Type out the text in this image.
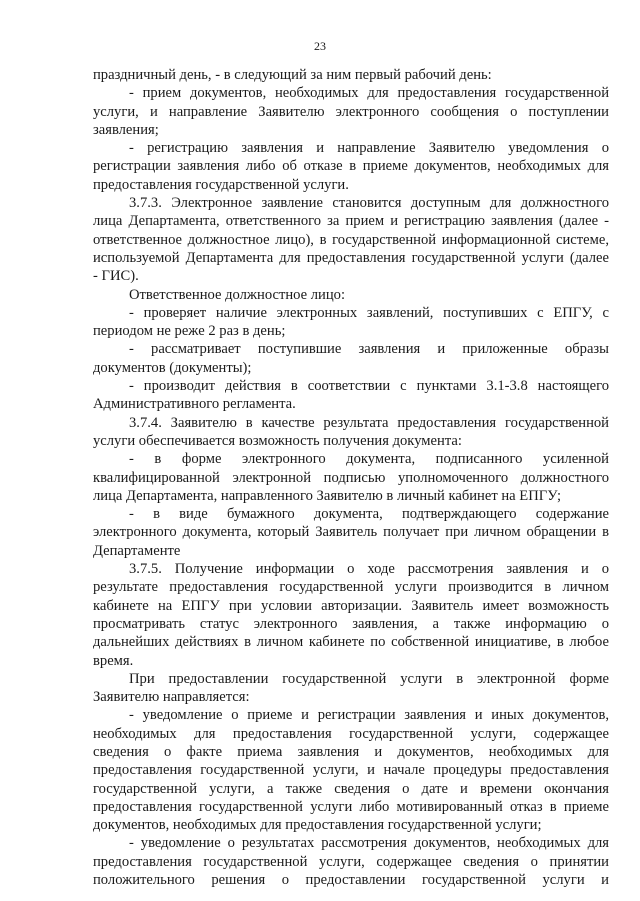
23
праздничный день, - в следующий за ним первый рабочий день:
- прием документов, необходимых для предоставления государственной
услуги, и направление Заявителю электронного сообщения о поступлении
заявления;
- регистрацию заявления и направление Заявителю уведомления о
регистрации заявления либо об отказе в приеме документов, необходимых для
предоставления государственной услуги.
3.7.3. Электронное заявление становится доступным для должностного
лица Департамента, ответственного за прием и регистрацию заявления (далее -
ответственное должностное лицо), в государственной информационной системе,
используемой Департамента для предоставления государственной услуги (далее
- ГИС).
Ответственное должностное лицо:
- проверяет наличие электронных заявлений, поступивших с ЕПГУ, с
периодом не реже 2 раз в день;
- рассматривает поступившие заявления и приложенные образы
документов (документы);
- производит действия в соответствии с пунктами 3.1-3.8 настоящего
Административного регламента.
3.7.4. Заявителю в качестве результата предоставления государственной
услуги обеспечивается возможность получения документа:
- в форме электронного документа, подписанного усиленной
квалифицированной электронной подписью уполномоченного должностного
лица Департамента, направленного Заявителю в личный кабинет на ЕПГУ;
- в виде бумажного документа, подтверждающего содержание
электронного документа, который Заявитель получает при личном обращении в
Департаменте
3.7.5. Получение информации о ходе рассмотрения заявления и о
результате предоставления государственной услуги производится в личном
кабинете на ЕПГУ при условии авторизации. Заявитель имеет возможность
просматривать статус электронного заявления, а также информацию о
дальнейших действиях в личном кабинете по собственной инициативе, в любое
время.
При предоставлении государственной услуги в электронной форме
Заявителю направляется:
- уведомление о приеме и регистрации заявления и иных документов,
необходимых для предоставления государственной услуги, содержащее
сведения о факте приема заявления и документов, необходимых для
предоставления государственной услуги, и начале процедуры предоставления
государственной услуги, а также сведения о дате и времени окончания
предоставления государственной услуги либо мотивированный отказ в приеме
документов, необходимых для предоставления государственной услуги;
- уведомление о результатах рассмотрения документов, необходимых для
предоставления государственной услуги, содержащее сведения о принятии
положительного решения о предоставлении государственной услуги и
